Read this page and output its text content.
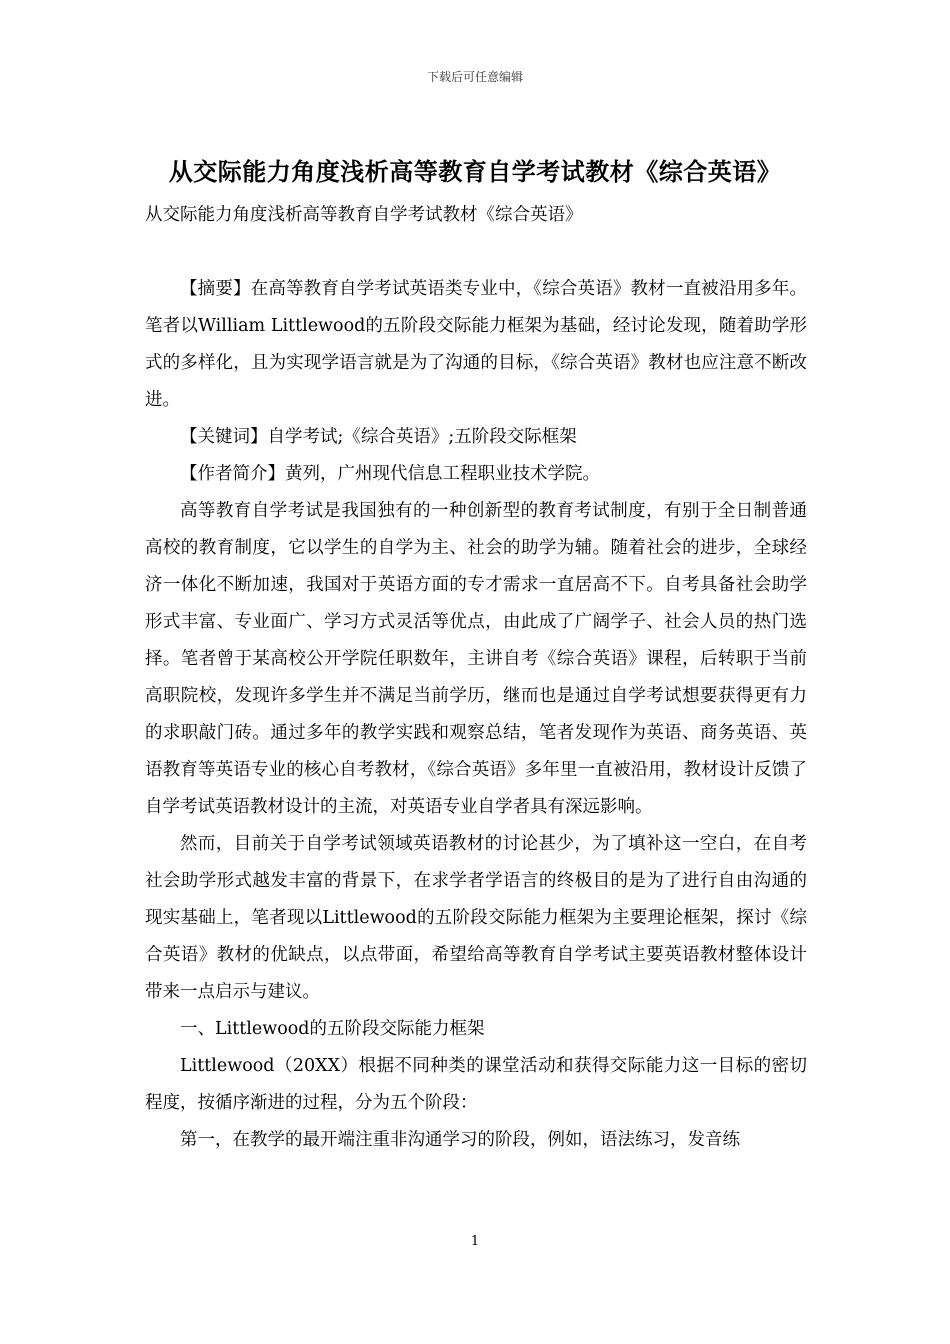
下载后可任意编辑
从交际能力角度浅析高等教育自学考试教材《综合英语》
从交际能力角度浅析高等教育自学考试教材《综合英语》

【摘要】在高等教育自学考试英语类专业中，《综合英语》教材一直被沿用多年。笔者以William Littlewood的五阶段交际能力框架为基础，经讨论发现，随着助学形式的多样化，且为实现学语言就是为了沟通的目标，《综合英语》教材也应注意不断改进。

【关键词】自学考试;《综合英语》;五阶段交际框架

【作者简介】黄列，广州现代信息工程职业技术学院。

高等教育自学考试是我国独有的一种创新型的教育考试制度，有别于全日制普通高校的教育制度，它以学生的自学为主、社会的助学为辅。随着社会的进步，全球经济一体化不断加速，我国对于英语方面的专才需求一直居高不下。自考具备社会助学形式丰富、专业面广、学习方式灵活等优点，由此成了广阔学子、社会人员的热门选择。笔者曾于某高校公开学院任职数年，主讲自考《综合英语》课程，后转职于当前高职院校，发现许多学生并不满足当前学历，继而也是通过自学考试想要获得更有力的求职敲门砖。通过多年的教学实践和观察总结，笔者发现作为英语、商务英语、英语教育等英语专业的核心自考教材，《综合英语》多年里一直被沿用，教材设计反馈了自学考试英语教材设计的主流，对英语专业自学者具有深远影响。

然而，目前关于自学考试领域英语教材的讨论甚少，为了填补这一空白，在自考社会助学形式越发丰富的背景下，在求学者学语言的终极目的是为了进行自由沟通的现实基础上，笔者现以Littlewood的五阶段交际能力框架为主要理论框架，探讨《综合英语》教材的优缺点，以点带面，希望给高等教育自学考试主要英语教材整体设计带来一点启示与建议。

一、Littlewood的五阶段交际能力框架

Littlewood（20XX）根据不同种类的课堂活动和获得交际能力这一目标的密切程度，按循序渐进的过程，分为五个阶段：

第一，在教学的最开端注重非沟通学习的阶段，例如，语法练习，发音练

1
